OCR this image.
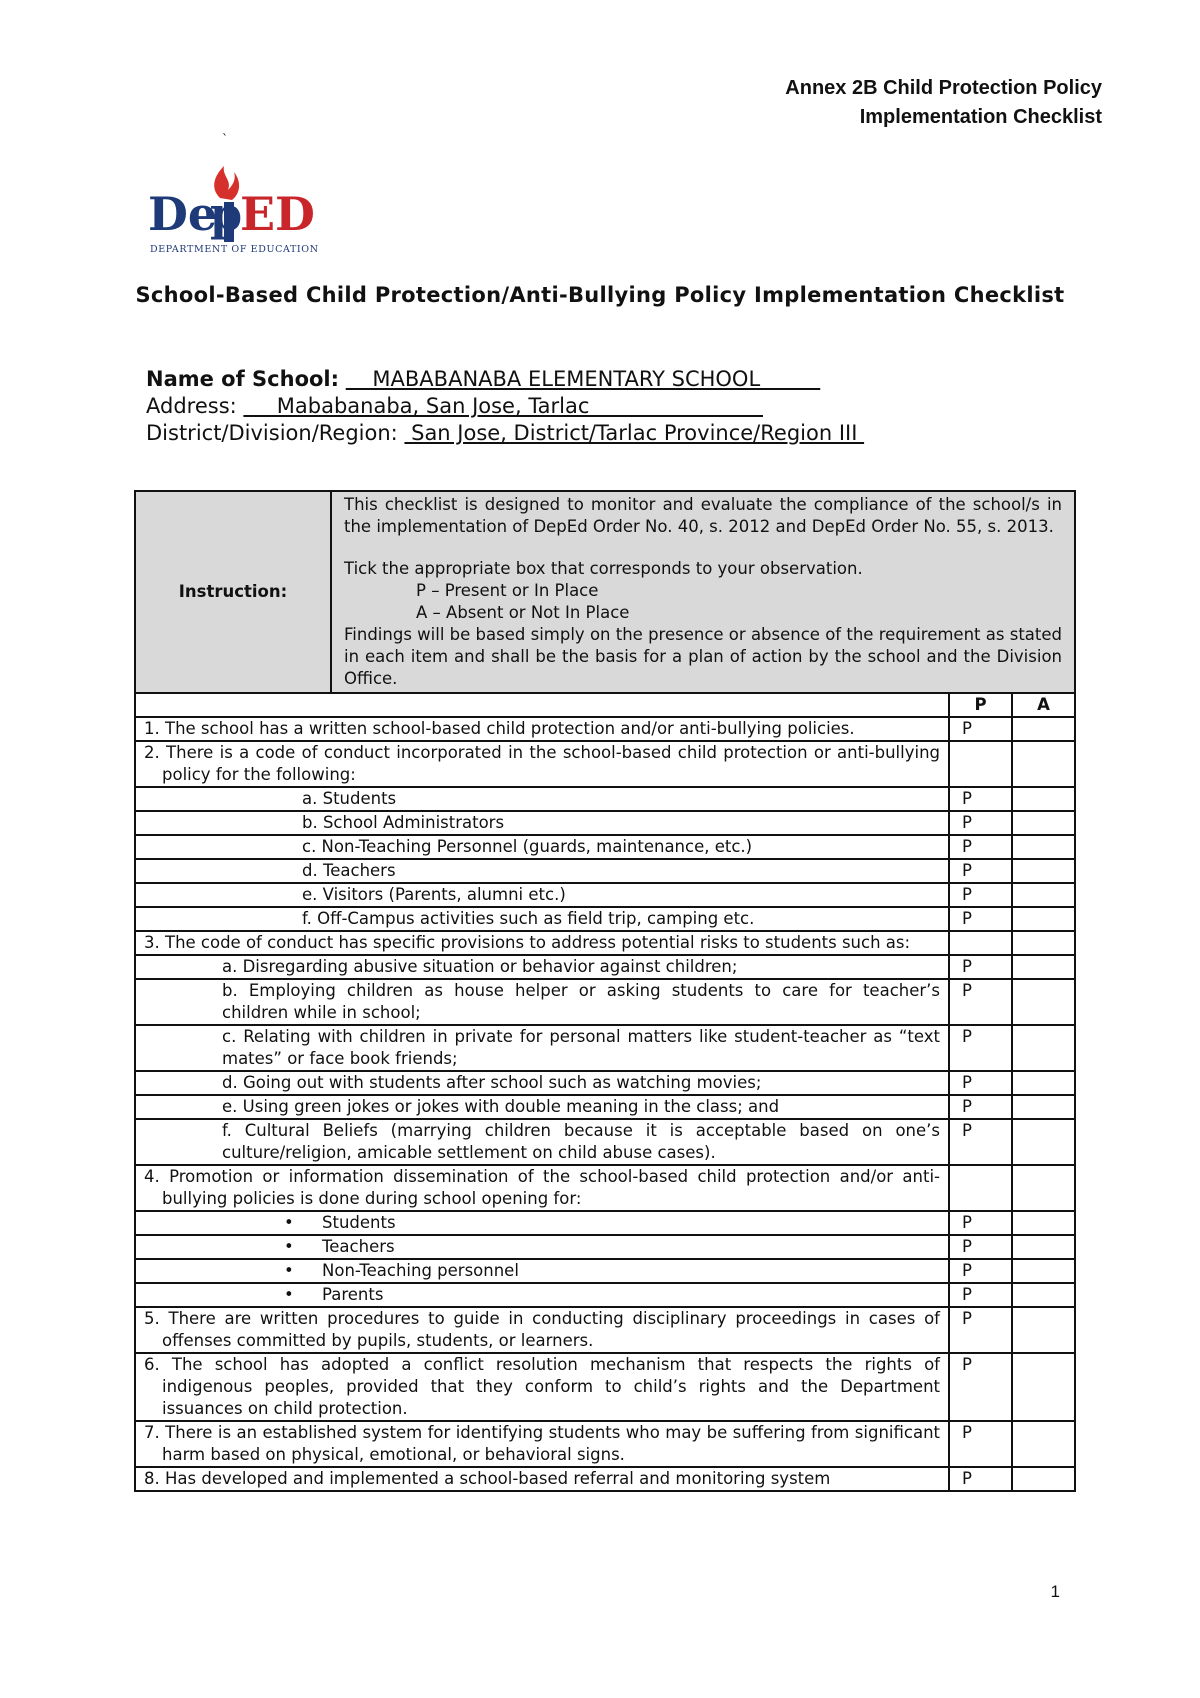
Annex 2B Child Protection Policy
Implementation Checklist
`
De
p
ED
DEPARTMENT OF EDUCATION
School-Based Child Protection/Anti-Bullying Policy Implementation Checklist
Name of School:     MABABANABA ELEMENTARY SCHOOL
Address:      Mababanaba, San Jose, Tarlac
District/Division/Region:  San Jose, District/Tarlac Province/Region III
Instruction:	This checklist is designed to monitor and evaluate the compliance of the school/s in the implementation of DepEd Order No. 40, s. 2012 and DepEd Order No. 55, s. 2013.

Tick the appropriate box that corresponds to your observation.

P – Present or In Place

A – Absent or Not In Place

Findings will be based simply on the presence or absence of the requirement as stated in each item and shall be the basis for a plan of action by the school and the Division Office.		

		P	A
1. The school has a written school-based child protection and/or anti-bullying policies.		P	
2. There is a code of conduct incorporated in the school-based child protection or anti-bullying policy for the following:			
a. Students		P	
b. School Administrators		P	
c. Non-Teaching Personnel (guards, maintenance, etc.)		P	
d. Teachers		P	
e. Visitors (Parents, alumni etc.)		P	
f. Off-Campus activities such as field trip, camping etc.		P	
3. The code of conduct has specific provisions to address potential risks to students such as:			
a. Disregarding abusive situation or behavior against children;		P	
b. Employing children as house helper or asking students to care for teacher’s children while in school;		P	
c. Relating with children in private for personal matters like student-teacher as “text mates” or face book friends;		P	
d. Going out with students after school such as watching movies;		P	
e. Using green jokes or jokes with double meaning in the class; and		P	
f. Cultural Beliefs (marrying children because it is acceptable based on one’s culture/religion, amicable settlement on child abuse cases).		P	
4. Promotion or information dissemination of the school-based child protection and/or anti-bullying policies is done during school opening for:			
• Students		P	
• Teachers		P	
• Non-Teaching personnel		P	
• Parents		P	
5. There are written procedures to guide in conducting disciplinary proceedings in cases of offenses committed by pupils, students, or learners.		P	
6. The school has adopted a conflict resolution mechanism that respects the rights of indigenous peoples, provided that they conform to child’s rights and the Department issuances on child protection.		P	
7. There is an established system for identifying students who may be suffering from significant harm based on physical, emotional, or behavioral signs.		P	
8. Has developed and implemented a school-based referral and monitoring system		P	
1
